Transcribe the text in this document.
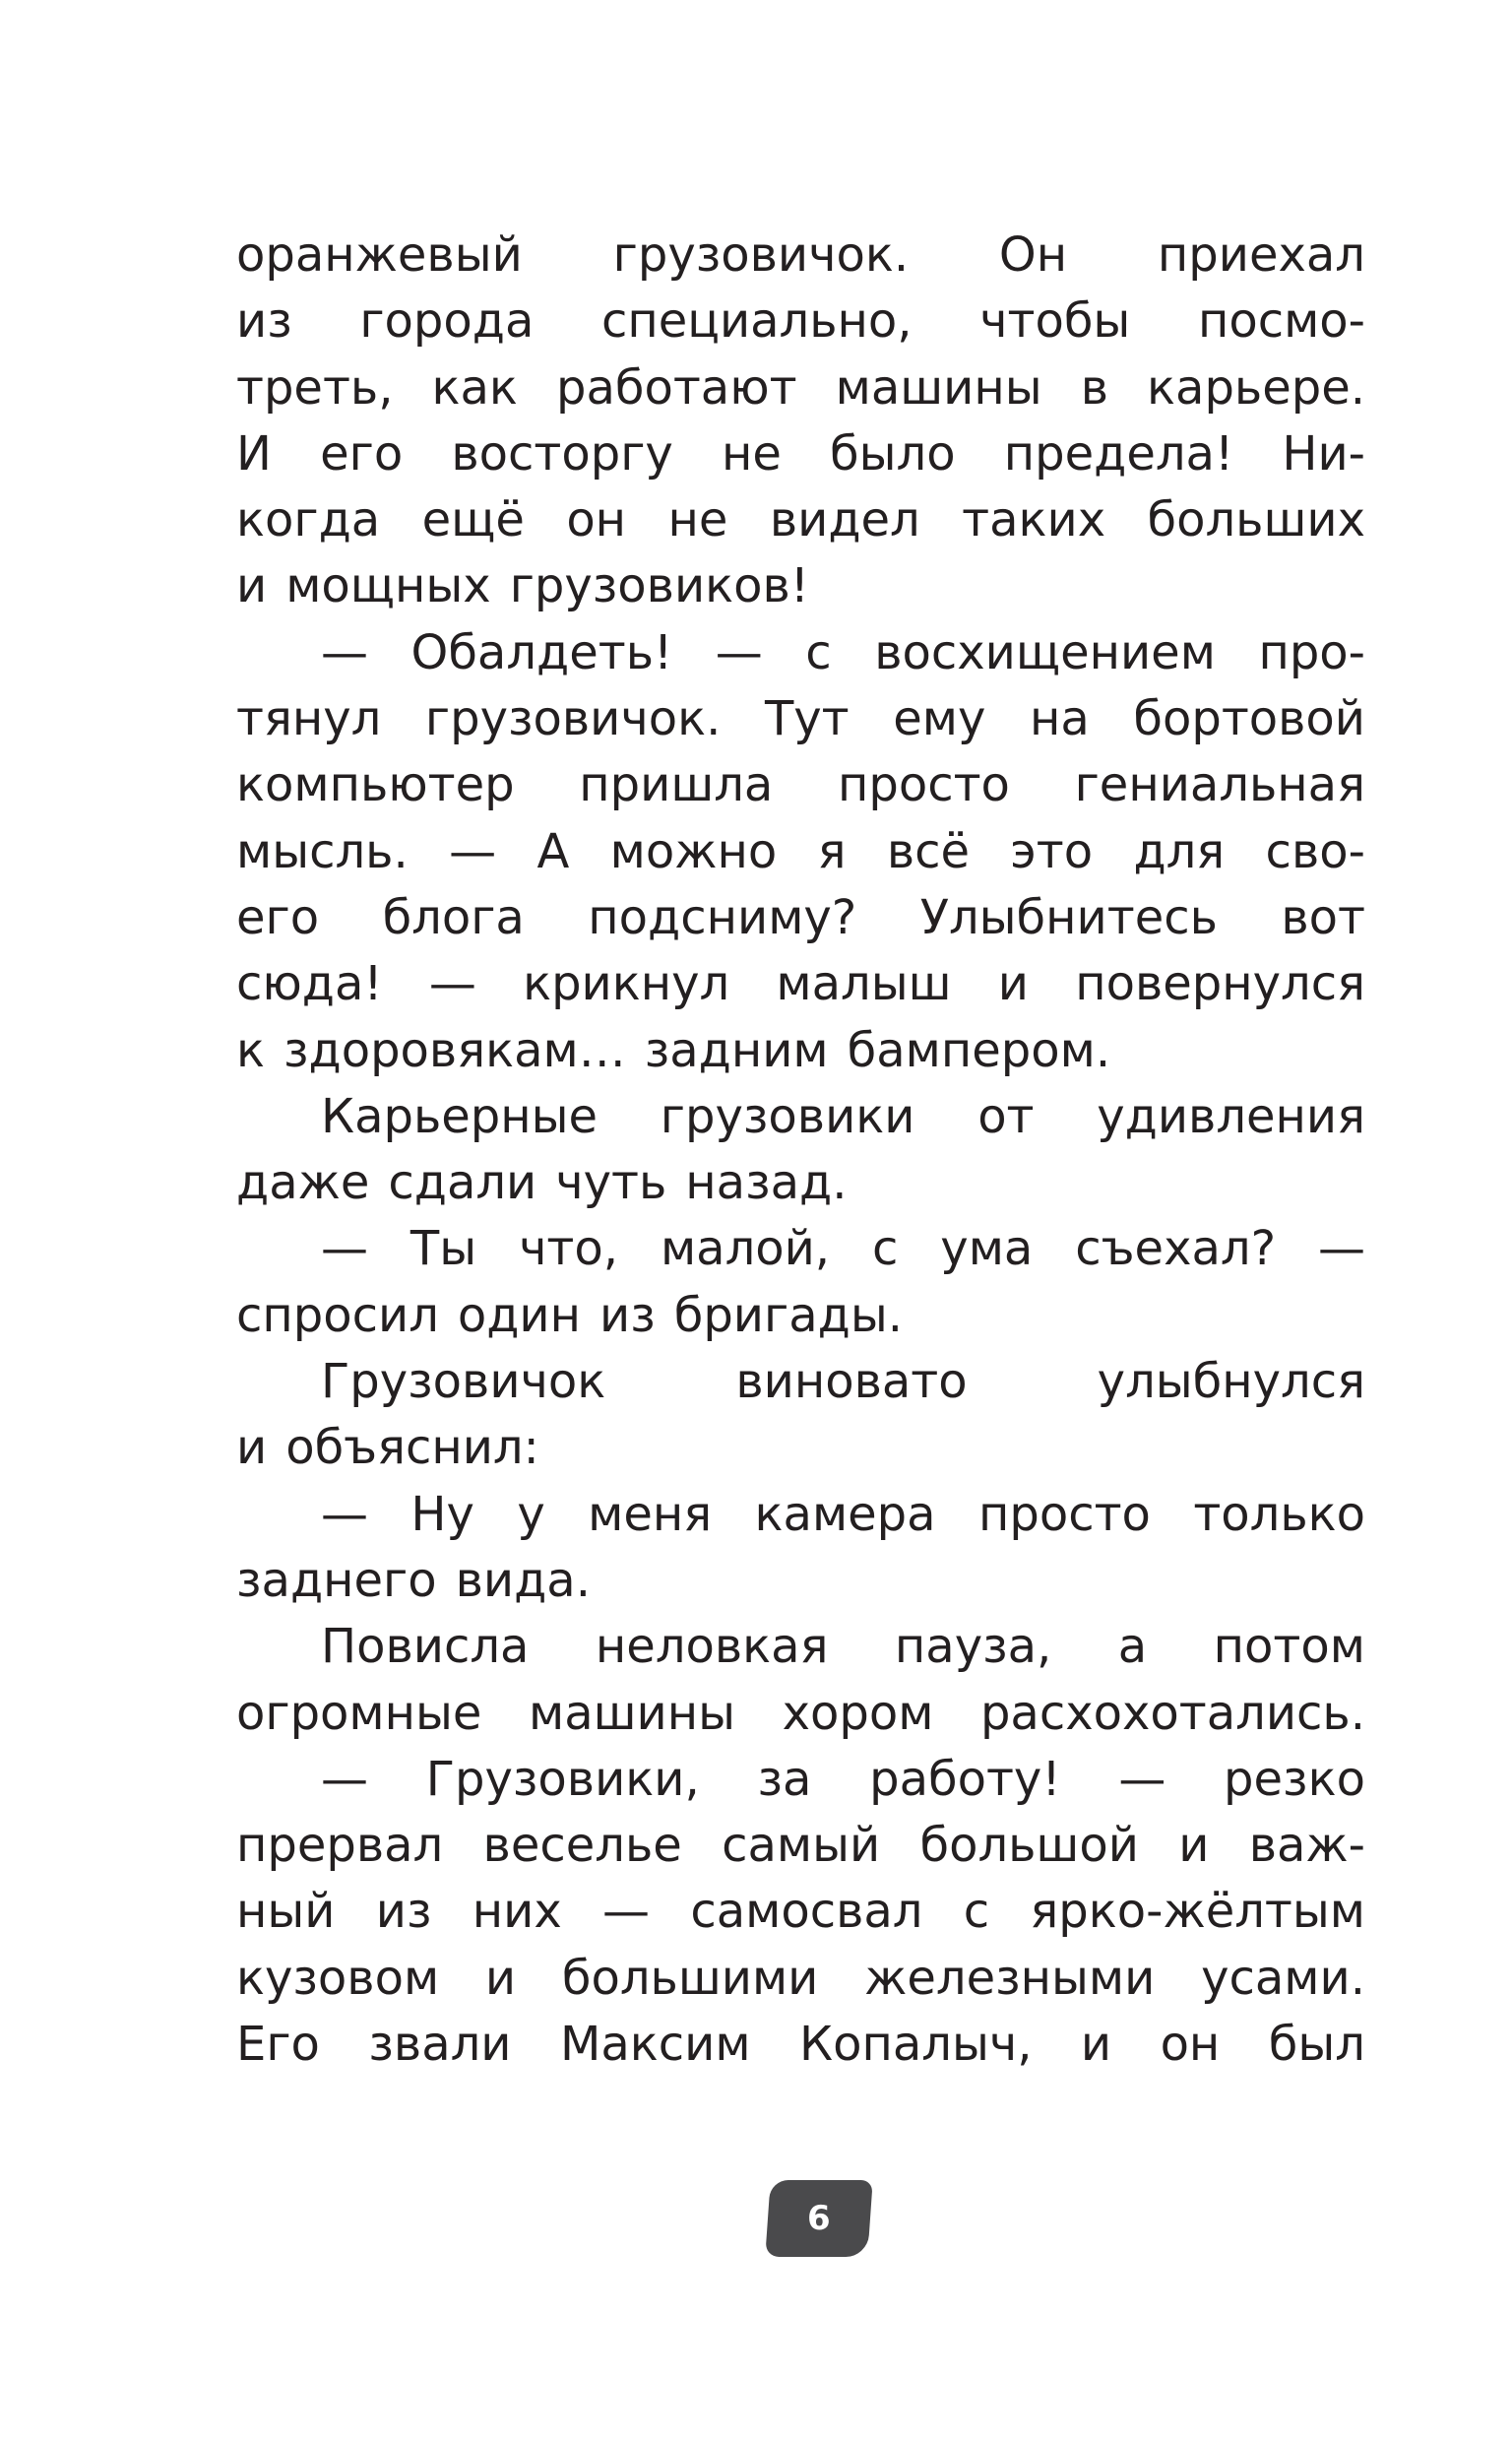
оранжевый грузовичок. Он приехал
из города специально, чтобы посмо-
треть, как работают машины в карьере.
И его восторгу не было предела! Ни-
когда ещё он не видел таких больших
и мощных грузовиков!
— Обалдеть! — с восхищением про-
тянул грузовичок. Тут ему на бортовой
компьютер пришла просто гениальная
мысль. — А можно я всё это для сво-
его блога подсниму? Улыбнитесь вот
сюда! — крикнул малыш и повернулся
к здоровякам… задним бампером.
Карьерные грузовики от удивления
даже сдали чуть назад.
— Ты что, малой, с ума съехал? —
спросил один из бригады.
Грузовичок	виновато	улыбнулся
и объяснил:
— Ну у меня камера просто только
заднего вида.
Повисла неловкая пауза, а потом
огромные машины хором расхохотались.
— Грузовики, за работу! — резко
прервал веселье самый большой и важ-
ный из них — самосвал с ярко-жёлтым
кузовом и большими железными усами.
Его звали Максим Копалыч, и он был
6
